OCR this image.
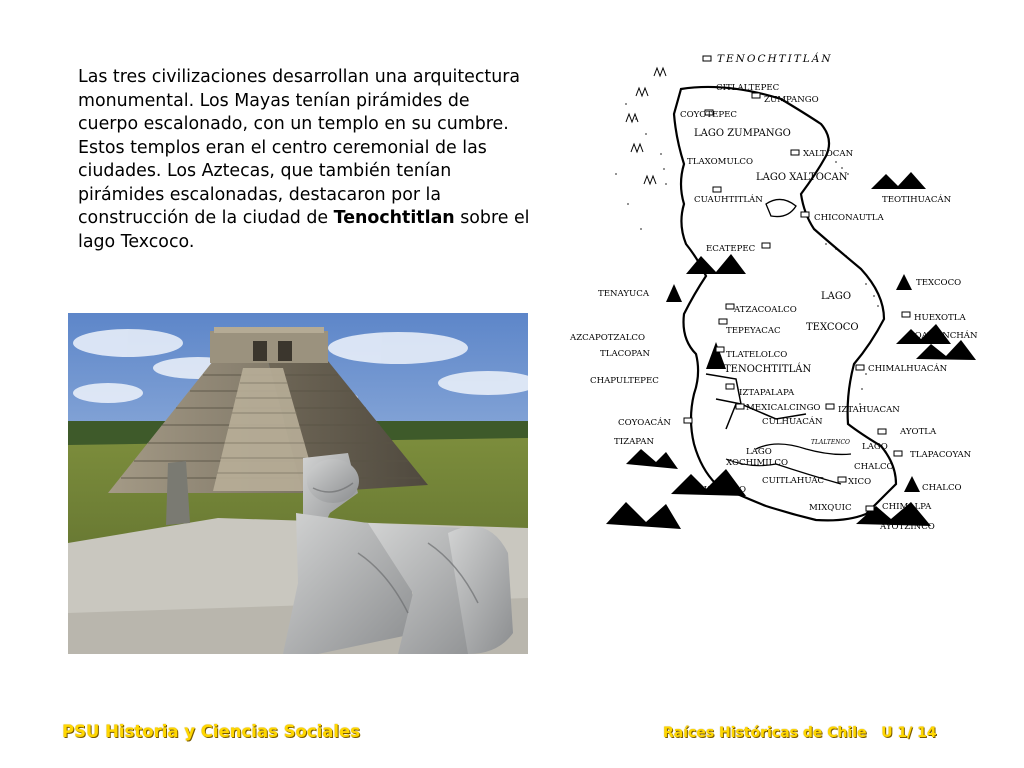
Las tres civilizaciones desarrollan una arquitectura monumental. Los Mayas tenían pirámides de cuerpo escalonado, con un templo en su cumbre. Estos templos eran el centro ceremonial de las ciudades. Los Aztecas, que también tenían pirámides escalonadas, destacaron por la construcción de la ciudad de Tenochtitlan sobre el lago Texcoco.
TENOCHTITLÁN
CITLALTEPEC
ZUMPANGO
COYOTEPEC
LAGO ZUMPANGO
TLAXOMULCO
XALTOCAN
LAGO XALTOCAN
CUAUHTITLÁN	TEOTIHUACÁN
CHICONAUTLA
ECATEPEC
TENAYUCA	LAGO
TEXCOCO
ATZACOALCO
HUEXOTLA
TEXCOCO
AZCAPOTZALCO
TEPEYACAC	COATLINCHÁN
TLACOPAN	TLATELOLCO
TENOCHTITLÁN
CHAPULTEPEC
CHIMALHUACÁN
IZTAPALAPA
MEXICALCINGO IZTAHUACAN
COYOACÁN	CULHUACÁN
TIZAPAN
AYOTLA
TLALTENCO LAGO
CHALCO
TLAPACOYAN
LAGO
XOCHIMILCO
CUITLAHUAC	XICO
CHALCO
XOCHIMILCO
MIXQUIC	CHIMALPA
AYOTZINCO
PSU Historia y Ciencias Sociales	Raíces Históricas de Chile   U 1/ 14
